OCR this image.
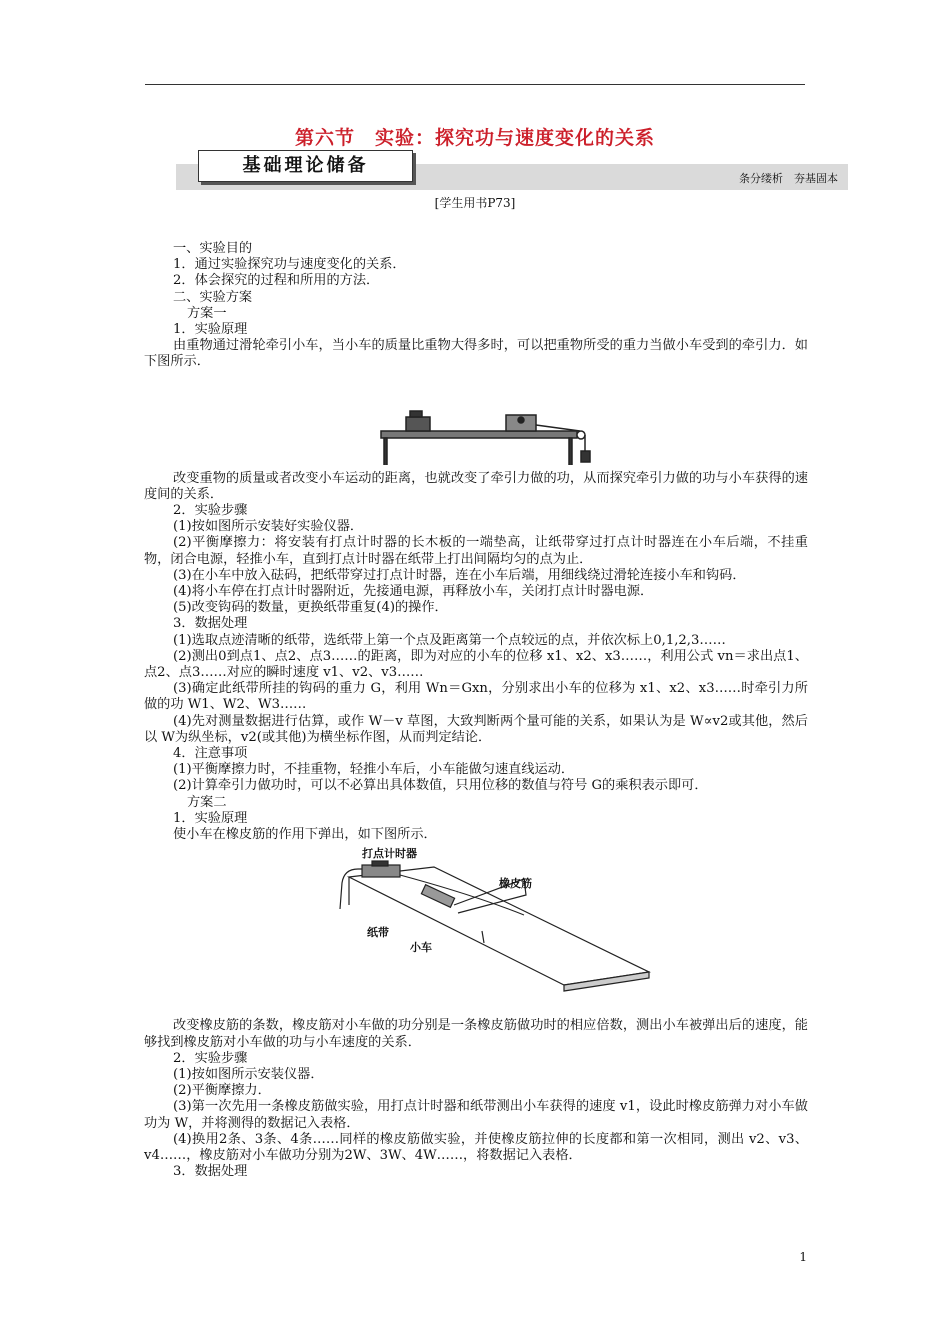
第六节　实验：探究功与速度变化的关系
基础理论储备
条分缕析　夯基固本
[学生用书P73]

一、实验目的

1．通过实验探究功与速度变化的关系．

2．体会探究的过程和所用的方法．

二、实验方案

方案一

1．实验原理

由重物通过滑轮牵引小车，当小车的质量比重物大得多时，可以把重物所受的重力当做小车受到的牵引力．如下图所示．

改变重物的质量或者改变小车运动的距离，也就改变了牵引力做的功，从而探究牵引力做的功与小车获得的速度间的关系．

2．实验步骤

(1)按如图所示安装好实验仪器．

(2)平衡摩擦力：将安装有打点计时器的长木板的一端垫高，让纸带穿过打点计时器连在小车后端，不挂重物，闭合电源，轻推小车，直到打点计时器在纸带上打出间隔均匀的点为止．

(3)在小车中放入砝码，把纸带穿过打点计时器，连在小车后端，用细线绕过滑轮连接小车和钩码．

(4)将小车停在打点计时器附近，先接通电源，再释放小车，关闭打点计时器电源．

(5)改变钩码的数量，更换纸带重复(4)的操作．

3．数据处理

(1)选取点迹清晰的纸带，选纸带上第一个点及距离第一个点较远的点，并依次标上0,1,2,3……

(2)测出0到点1、点2、点3……的距离，即为对应的小车的位移 x1、x2、x3……，利用公式 vn＝求出点1、点2、点3……对应的瞬时速度 v1、v2、v3……

(3)确定此纸带所挂的钩码的重力 G，利用 Wn＝Gxn，分别求出小车的位移为 x1、x2、x3……时牵引力所做的功 W1、W2、W3……

(4)先对测量数据进行估算，或作 W－v 草图，大致判断两个量可能的关系，如果认为是 W∝v2或其他，然后以 W为纵坐标，v2(或其他)为横坐标作图，从而判定结论．

4．注意事项

(1)平衡摩擦力时，不挂重物，轻推小车后，小车能做匀速直线运动．

(2)计算牵引力做功时，可以不必算出具体数值，只用位移的数值与符号 G的乘积表示即可．

方案二

1．实验原理

使小车在橡皮筋的作用下弹出，如下图所示．

打点计时器
橡皮筋
纸带
小车

改变橡皮筋的条数，橡皮筋对小车做的功分别是一条橡皮筋做功时的相应倍数，测出小车被弹出后的速度，能够找到橡皮筋对小车做的功与小车速度的关系．

2．实验步骤

(1)按如图所示安装仪器．

(2)平衡摩擦力．

(3)第一次先用一条橡皮筋做实验，用打点计时器和纸带测出小车获得的速度 v1，设此时橡皮筋弹力对小车做功为 W，并将测得的数据记入表格．

(4)换用2条、3条、4条……同样的橡皮筋做实验，并使橡皮筋拉伸的长度都和第一次相同，测出 v2、v3、v4……，橡皮筋对小车做功分别为2W、3W、4W……，将数据记入表格．

3．数据处理

1
